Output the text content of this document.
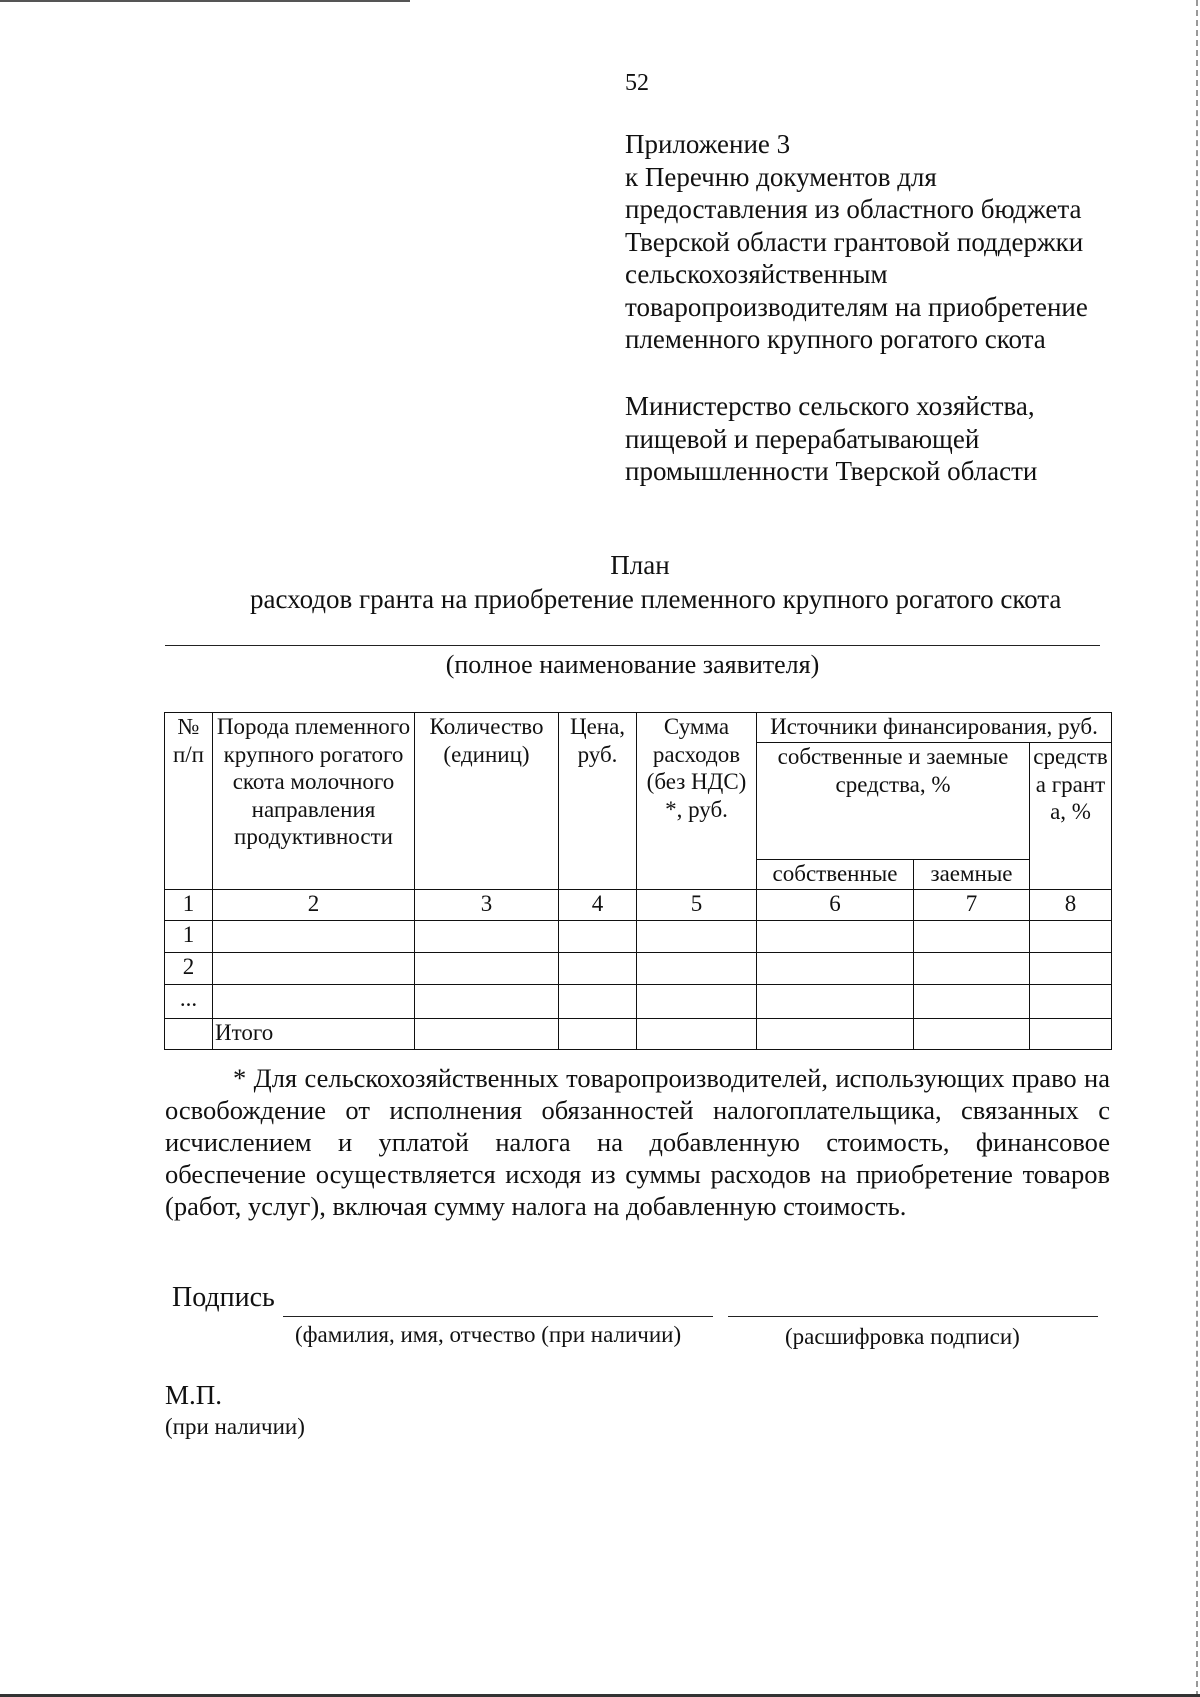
52
Приложение 3
к Перечню документов для
предоставления из областного бюджета
Тверской области грантовой поддержки
сельскохозяйственным
товаропроизводителям на приобретение
племенного крупного рогатого скота
Министерство сельского хозяйства,
пищевой и перерабатывающей
промышленности Тверской области
План
расходов гранта на приобретение племенного крупного рогатого скота
(полное наименование заявителя)
№ п/п	Породa племенного крупного рогатого скота молочного направления продуктивности	Количество (единиц)	Цена, руб.	Сумма расходов (без НДС) *, руб.	Источники финансирования, руб.		
					собственные и заемные средства, %		средства гранта, %
					собственные	заемные	
1	2	3	4	5	6	7	8
1							
2							
...							
	Итого						
* Для сельскохозяйственных товаропроизводителей, использующих право на освобождение от исполнения обязанностей налогоплательщика, связанных с исчислением и уплатой налога на добавленную стоимость, финансовое обеспечение осуществляется исходя из суммы расходов на приобретение товаров (работ, услуг), включая сумму налога на добавленную стоимость.
Подпись
(фамилия, имя, отчество (при наличии)	(расшифровка подписи)
М.П.
(при наличии)
